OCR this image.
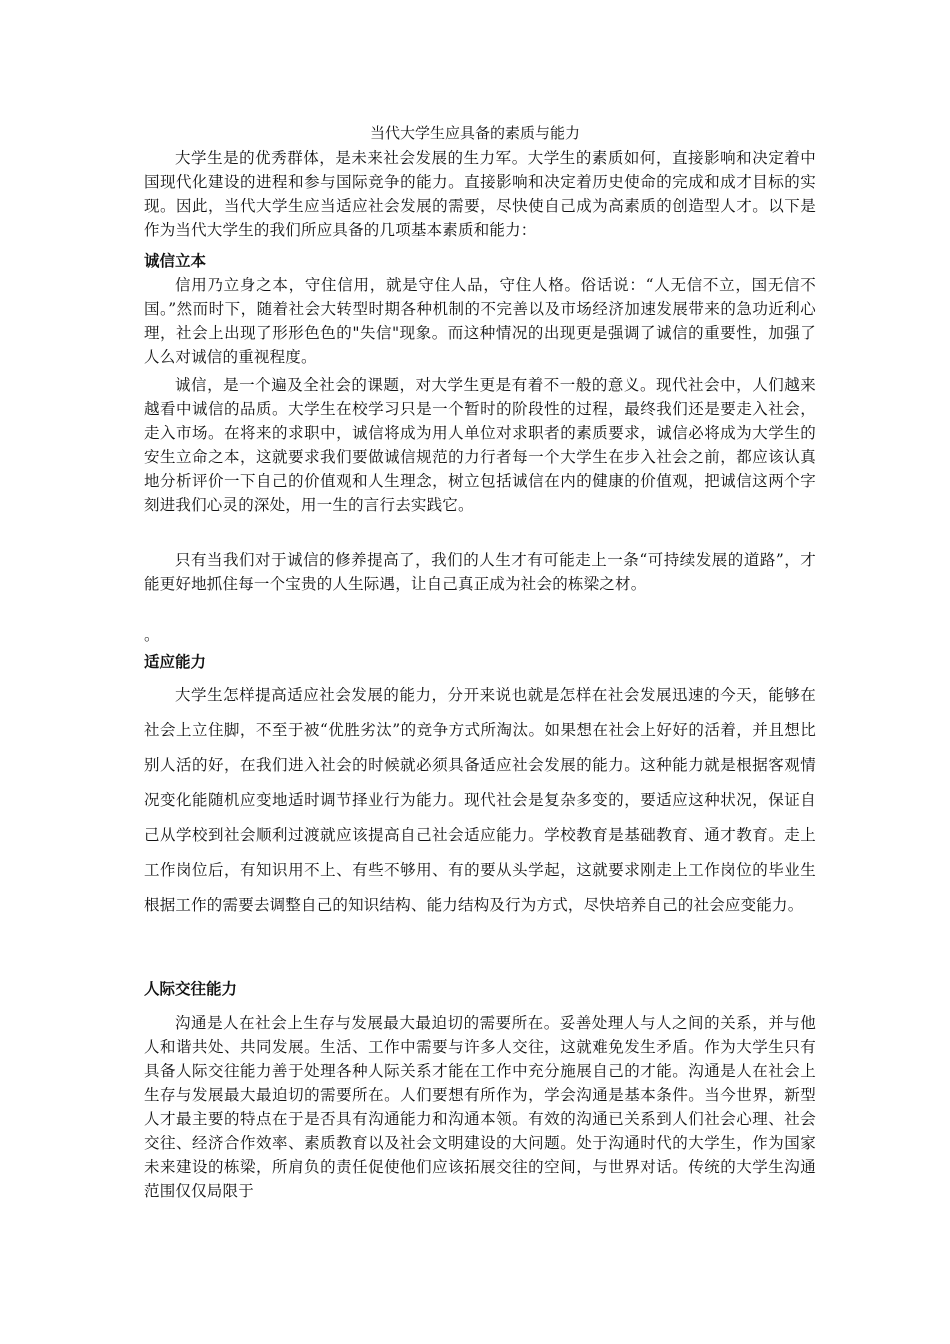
当代大学生应具备的素质与能力

大学生是的优秀群体，是未来社会发展的生力军。大学生的素质如何，直接影响和决定着中国现代化建设的进程和参与国际竞争的能力。直接影响和决定着历史使命的完成和成才目标的实现。因此，当代大学生应当适应社会发展的需要，尽快使自己成为高素质的创造型人才。以下是作为当代大学生的我们所应具备的几项基本素质和能力：

诚信立本

信用乃立身之本，守住信用，就是守住人品，守住人格。俗话说：“人无信不立，国无信不国。”然而时下，随着社会大转型时期各种机制的不完善以及市场经济加速发展带来的急功近利心理，社会上出现了形形色色的"失信"现象。而这种情况的出现更是强调了诚信的重要性，加强了人么对诚信的重视程度。

诚信，是一个遍及全社会的课题，对大学生更是有着不一般的意义。现代社会中，人们越来越看中诚信的品质。大学生在校学习只是一个暂时的阶段性的过程，最终我们还是要走入社会，走入市场。在将来的求职中，诚信将成为用人单位对求职者的素质要求，诚信必将成为大学生的安生立命之本，这就要求我们要做诚信规范的力行者每一个大学生在步入社会之前，都应该认真地分析评价一下自己的价值观和人生理念，树立包括诚信在内的健康的价值观，把诚信这两个字刻进我们心灵的深处，用一生的言行去实践它。

只有当我们对于诚信的修养提高了，我们的人生才有可能走上一条“可持续发展的道路”，才能更好地抓住每一个宝贵的人生际遇，让自己真正成为社会的栋梁之材。

。
适应能力

大学生怎样提高适应社会发展的能力，分开来说也就是怎样在社会发展迅速的今天，能够在社会上立住脚，不至于被“优胜劣汰”的竞争方式所淘汰。如果想在社会上好好的活着，并且想比别人活的好，在我们进入社会的时候就必须具备适应社会发展的能力。这种能力就是根据客观情况变化能随机应变地适时调节择业行为能力。现代社会是复杂多变的，要适应这种状况，保证自己从学校到社会顺利过渡就应该提高自己社会适应能力。学校教育是基础教育、通才教育。走上工作岗位后，有知识用不上、有些不够用、有的要从头学起，这就要求刚走上工作岗位的毕业生根据工作的需要去调整自己的知识结构、能力结构及行为方式，尽快培养自己的社会应变能力。

人际交往能力

沟通是人在社会上生存与发展最大最迫切的需要所在。妥善处理人与人之间的关系，并与他人和谐共处、共同发展。生活、工作中需要与许多人交往，这就难免发生矛盾。作为大学生只有具备人际交往能力善于处理各种人际关系才能在工作中充分施展自己的才能。沟通是人在社会上生存与发展最大最迫切的需要所在。人们要想有所作为，学会沟通是基本条件。当今世界，新型人才最主要的特点在于是否具有沟通能力和沟通本领。有效的沟通已关系到人们社会心理、社会交往、经济合作效率、素质教育以及社会文明建设的大问题。处于沟通时代的大学生，作为国家未来建设的栋梁，所肩负的责任促使他们应该拓展交往的空间，与世界对话。传统的大学生沟通范围仅仅局限于
